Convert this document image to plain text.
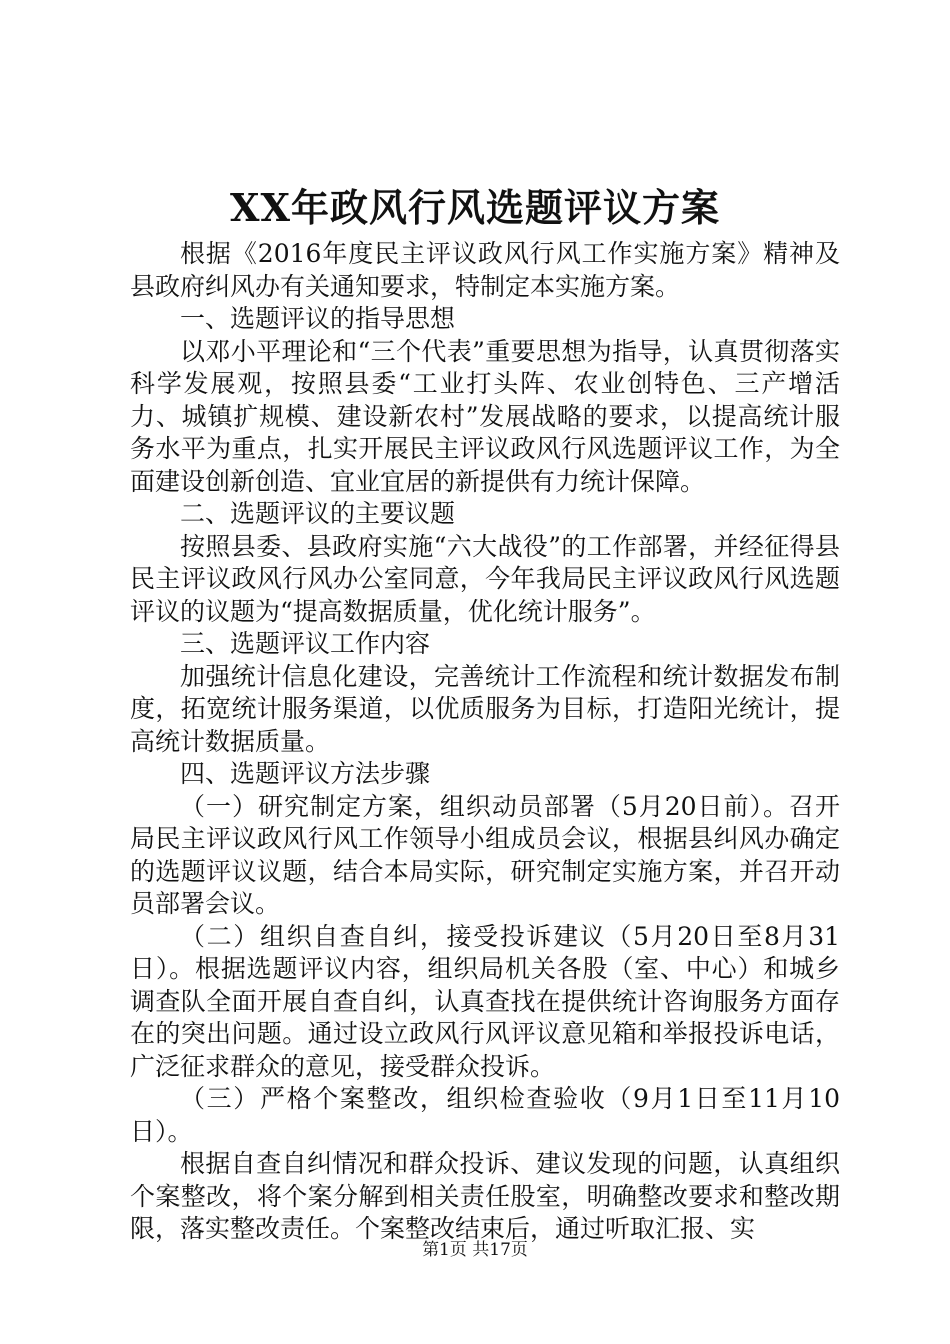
XX年政风行风选题评议方案

根据《2016年度民主评议政风行风工作实施方案》精神及县政府纠风办有关通知要求，特制定本实施方案。

一、选题评议的指导思想

以邓小平理论和“三个代表”重要思想为指导，认真贯彻落实科学发展观，按照县委“工业打头阵、农业创特色、三产增活力、城镇扩规模、建设新农村”发展战略的要求，以提高统计服务水平为重点，扎实开展民主评议政风行风选题评议工作，为全面建设创新创造、宜业宜居的新提供有力统计保障。

二、选题评议的主要议题

按照县委、县政府实施“六大战役”的工作部署，并经征得县民主评议政风行风办公室同意，今年我局民主评议政风行风选题评议的议题为“提高数据质量，优化统计服务”。

三、选题评议工作内容

加强统计信息化建设，完善统计工作流程和统计数据发布制度，拓宽统计服务渠道，以优质服务为目标，打造阳光统计，提高统计数据质量。

四、选题评议方法步骤

（一）研究制定方案，组织动员部署（5月20日前）。召开局民主评议政风行风工作领导小组成员会议，根据县纠风办确定的选题评议议题，结合本局实际，研究制定实施方案，并召开动员部署会议。

（二）组织自查自纠，接受投诉建议（5月20日至8月31日）。根据选题评议内容，组织局机关各股（室、中心）和城乡调查队全面开展自查自纠，认真查找在提供统计咨询服务方面存在的突出问题。通过设立政风行风评议意见箱和举报投诉电话，广泛征求群众的意见，接受群众投诉。

（三）严格个案整改，组织检查验收（9月1日至11月10日）。

根据自查自纠情况和群众投诉、建议发现的问题，认真组织个案整改，将个案分解到相关责任股室，明确整改要求和整改期限，落实整改责任。个案整改结束后，通过听取汇报、实

第1页 共17页
